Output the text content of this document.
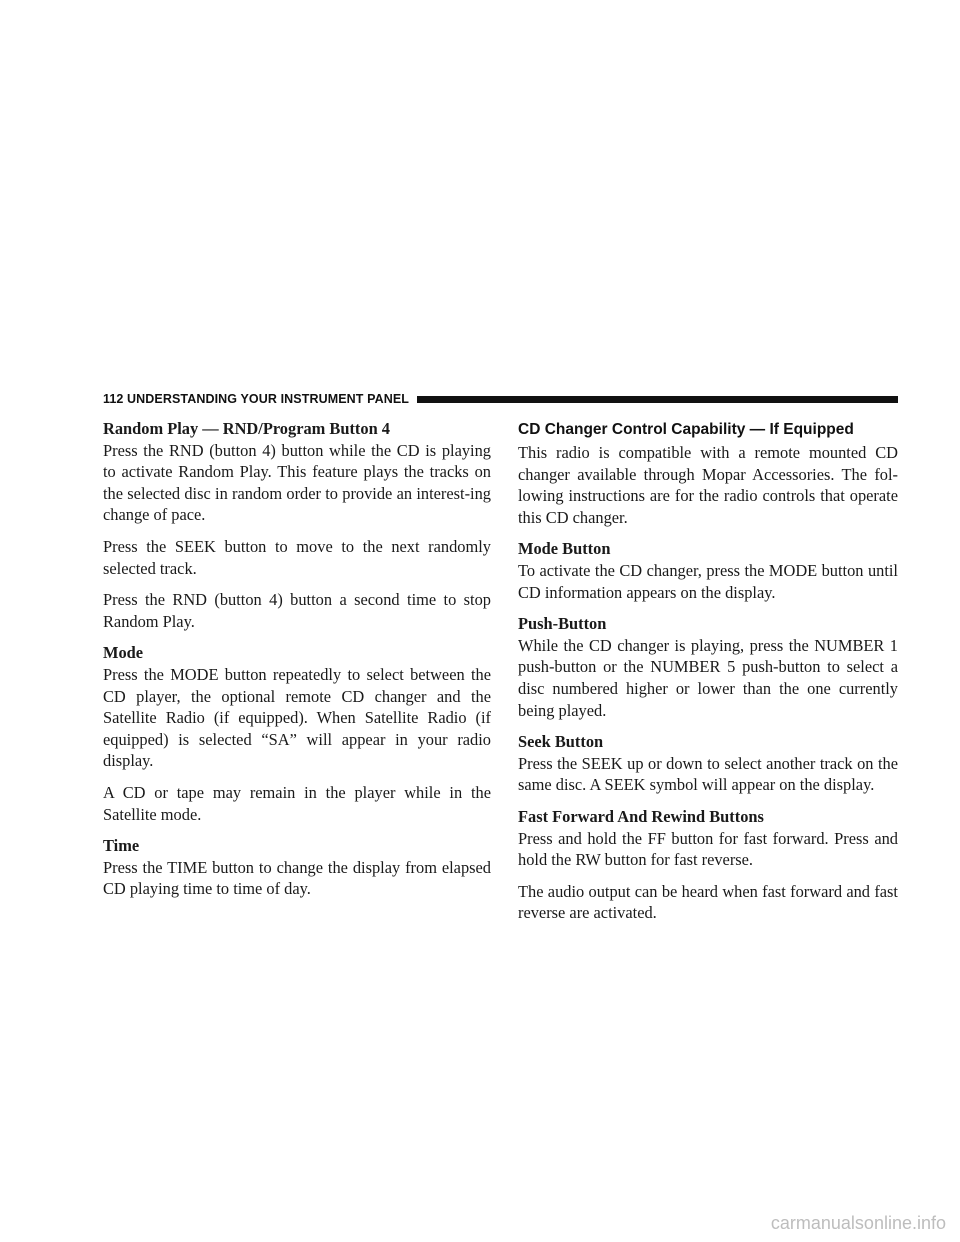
112 UNDERSTANDING YOUR INSTRUMENT PANEL
Random Play — RND/Program Button 4

Press the RND (button 4) button while the CD is playing to activate Random Play. This feature plays the tracks on the selected disc in random order to provide an interest-ing change of pace.

Press the SEEK button to move to the next randomly selected track.

Press the RND (button 4) button a second time to stop Random Play.

Mode

Press the MODE button repeatedly to select between the CD player, the optional remote CD changer and the Satellite Radio (if equipped). When Satellite Radio (if equipped) is selected “SA” will appear in your radio display.

A CD or tape may remain in the player while in the Satellite mode.

Time

Press the TIME button to change the display from elapsed CD playing time to time of day.

CD Changer Control Capability — If Equipped

This radio is compatible with a remote mounted CD changer available through Mopar Accessories. The fol-lowing instructions are for the radio controls that operate this CD changer.

Mode Button

To activate the CD changer, press the MODE button until CD information appears on the display.

Push-Button

While the CD changer is playing, press the NUMBER 1 push-button or the NUMBER 5 push-button to select a disc numbered higher or lower than the one currently being played.

Seek Button

Press the SEEK up or down to select another track on the same disc. A SEEK symbol will appear on the display.

Fast Forward And Rewind Buttons

Press and hold the FF button for fast forward. Press and hold the RW button for fast reverse.

The audio output can be heard when fast forward and fast reverse are activated.

carmanualsonline.info
